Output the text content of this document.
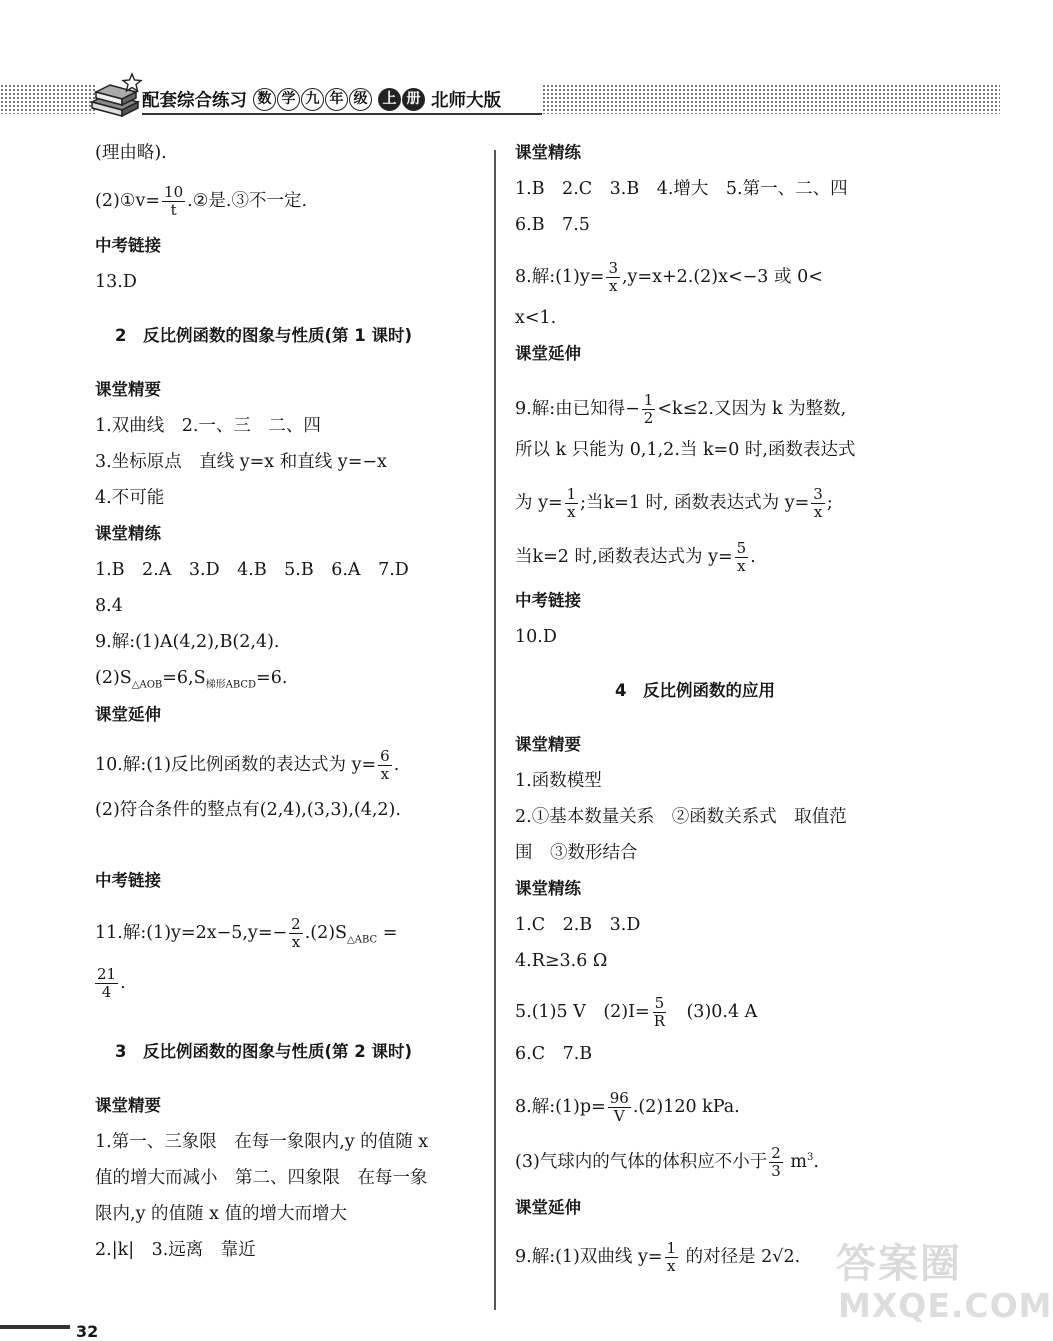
配套综合练习 数 学 九 年 级	上 册 北师大版
(理由略).
(2)①v= $\frac{10}{t}$ .②是.③不一定.
中考链接
13.D
2　反比例函数的图象与性质(第 1 课时)
课堂精要
1.双曲线　2.一、三　二、四
3.坐标原点　直线 y=x 和直线 y=−x
4.不可能
课堂精练
1.B　2.A　3.D　4.B　5.B　6.A　7.D
8.4
9.解:(1)A(4,2),B(2,4).
$(2)S_{\triangle AOB}=6,S_{梯形ABCD}=6$.
课堂延伸
10.解:(1)反比例函数的表达式为 $y= \frac{6}{x}$ .
(2)符合条件的整点有(2,4),(3,3),(4,2).
中考链接
11.解:(1)y=2x−5,y=− $\frac{2}{x} .(2)S_{\triangle ABC}$ =
$\frac{21}{4}$ .
3　反比例函数的图象与性质(第 2 课时)
课堂精要
1.第一、三象限　在每一象限内,y 的值随 x
值的增大而减小　第二、四象限　在每一象
限内,y 的值随 x 值的增大而增大
2.|k|　3.远离　靠近
课堂精练
1.B　2.C　3.B　4.增大　5.第一、二、四
6.B　7.5
8.解:(1)y= $\frac{3}{x} ,y=x+2.(2)x<-3$ 或 0<
x<1.
课堂延伸
9.解:由已知得− $\frac{1}{2} <k\le 2$.又因为 k 为整数,
所以 k 只能为 0,1,2.当 k=0 时,函数表达式
为 $y= \frac{1}{x}$ ;当k=1 时, 函数表达式为 $y= \frac{3}{x}$ ;
当k=2 时,函数表达式为 $y= \frac{5}{x}$ .
中考链接
10.D
4　反比例函数的应用
课堂精要
1.函数模型
2.①基本数量关系　②函数关系式　取值范
围　③数形结合
课堂精练
1.C　2.B　3.D
4.R≥3.6 Ω
5.(1)5 V　$(2)I= \frac{5}{R}$ 　(3)0.4 A
6.C　7.B
8.解:(1)p= $\frac{96}{V} .(2)120$ kPa.
(3)气球内的气体的体积应不小于 $\frac{2}{3} m^3$.
课堂延伸
9.解:(1)双曲线 $y= \frac{1}{x}$ 的对径是 2√2.
32
答案圈
MXQE.COM
